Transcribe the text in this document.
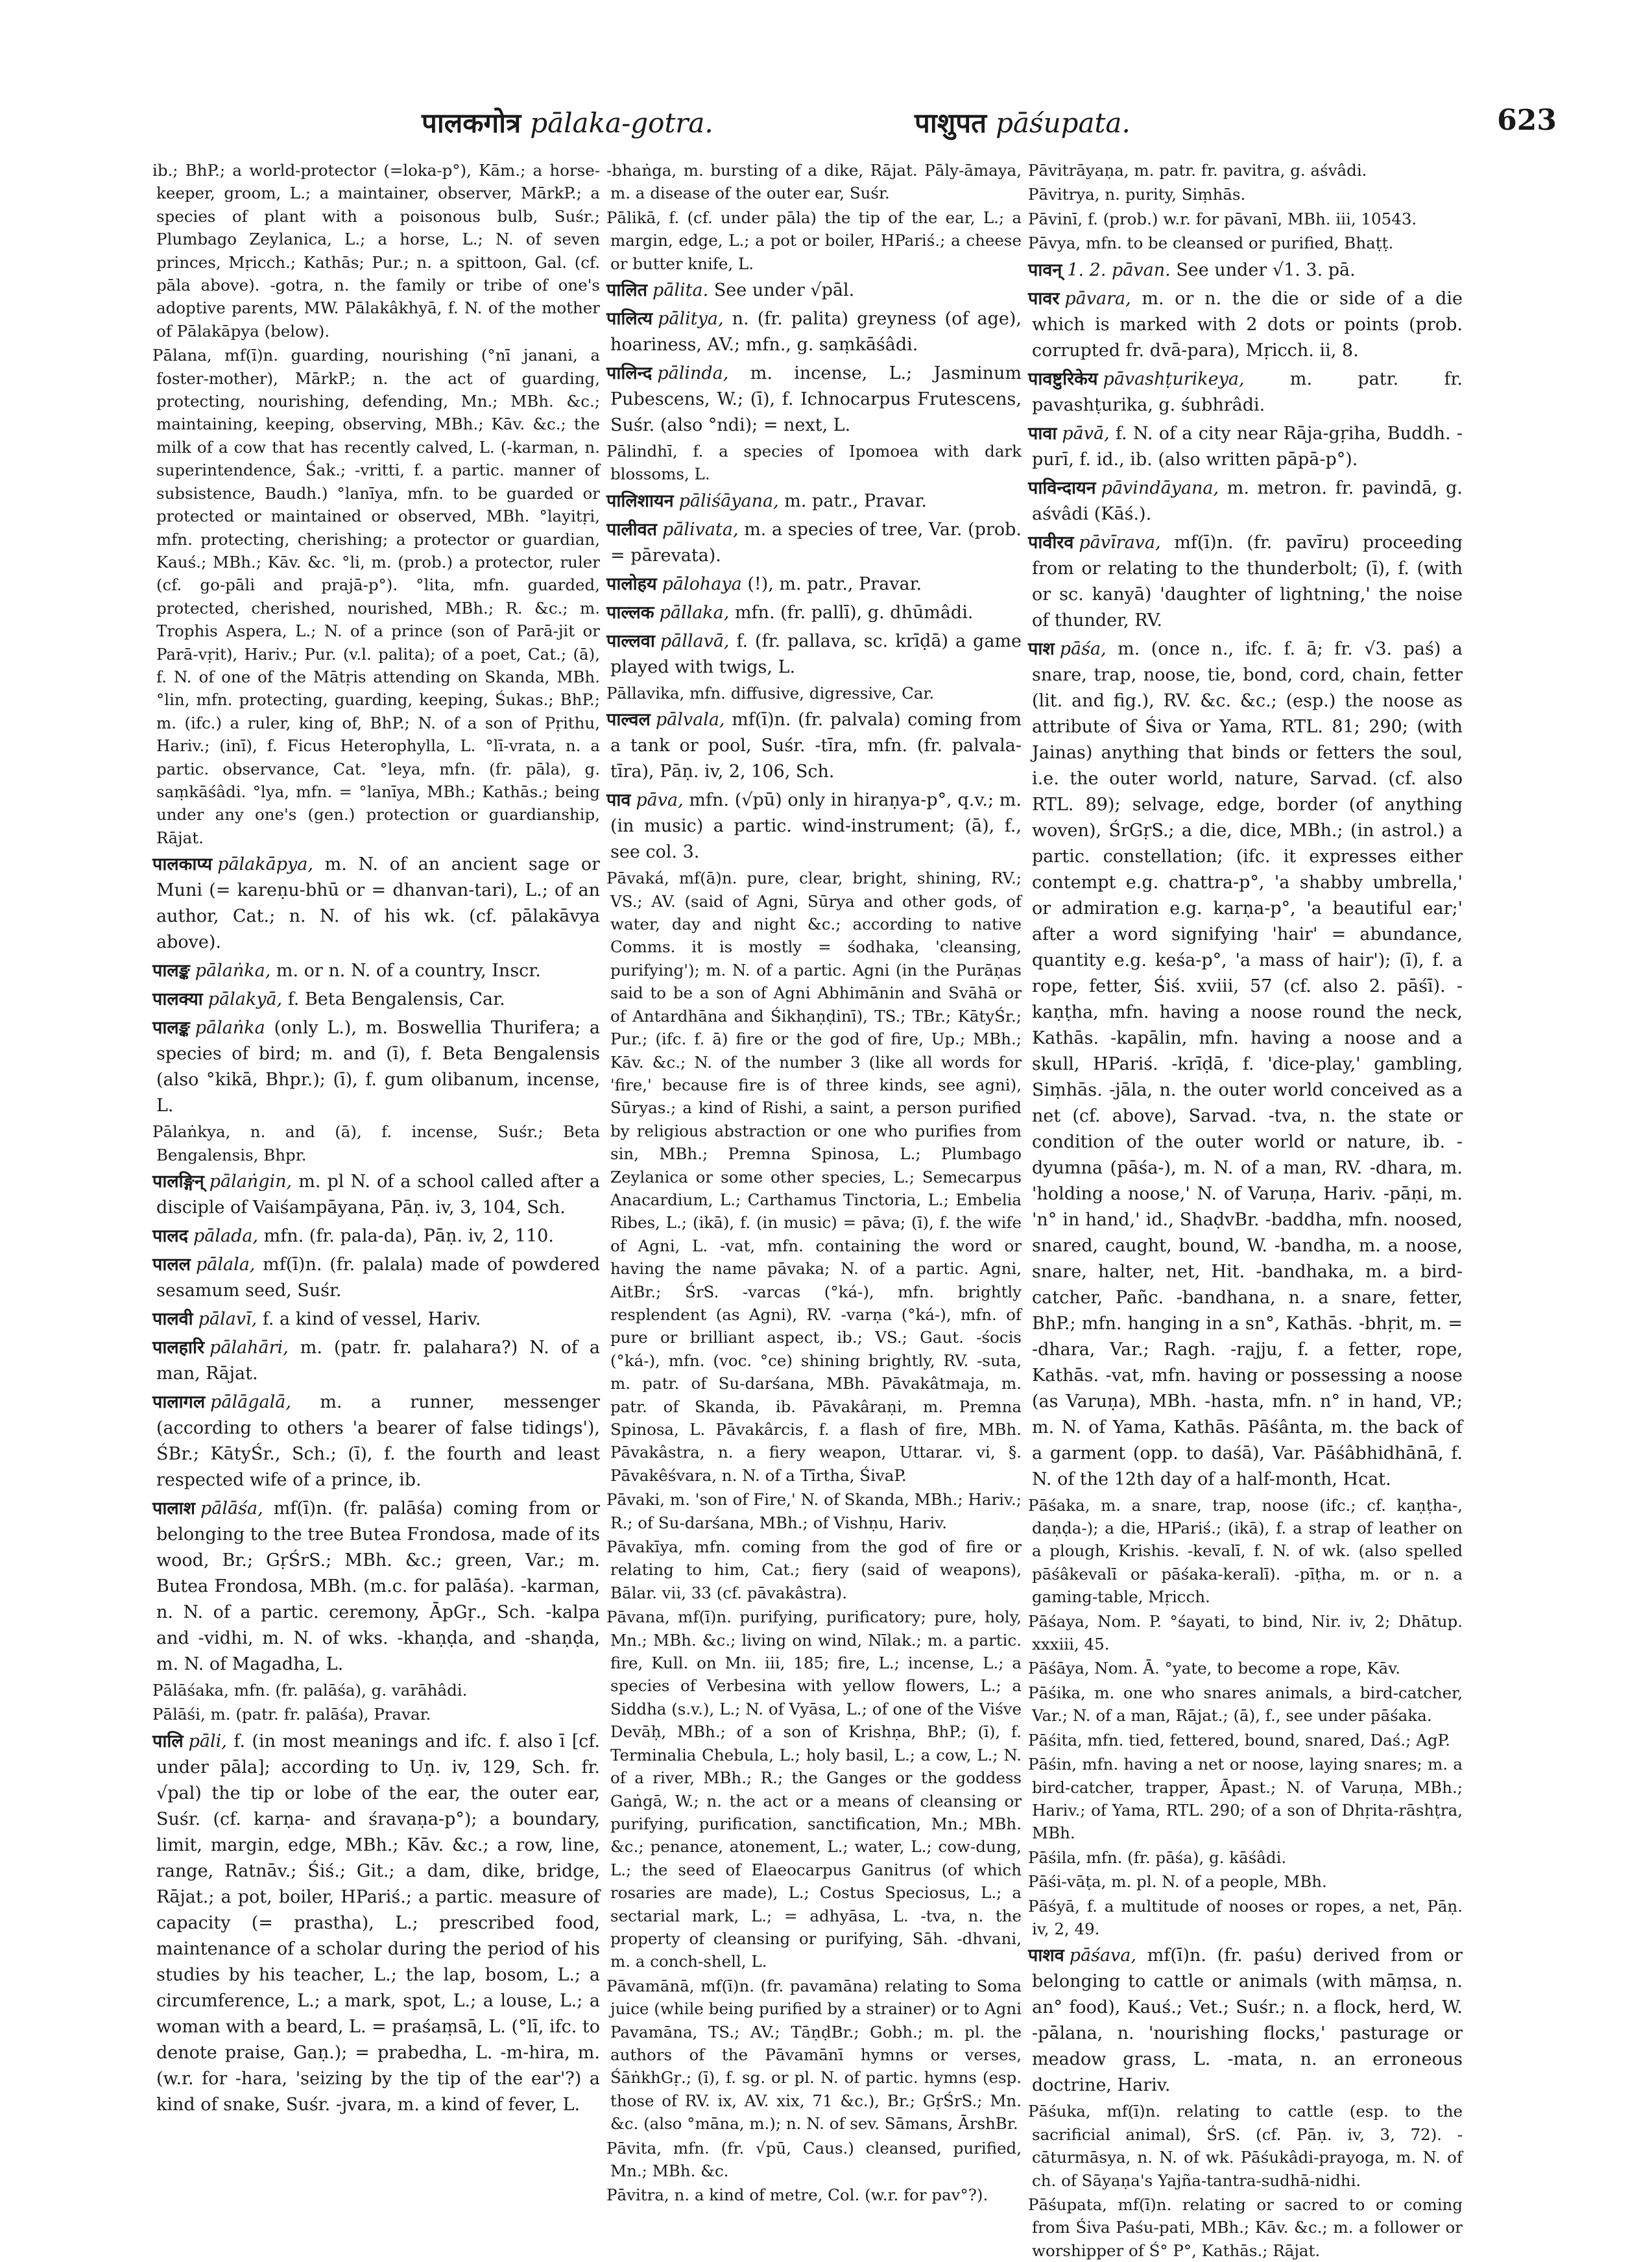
पालकगोत्र pālaka-gotra.	पाशुपत pāśupata.	623

ib.; BhP.; a world-protector (=loka-p°), Kām.; a horse-keeper, groom, L.; a maintainer, observer, MārkP.; a species of plant with a poisonous bulb, Suśr.; Plumbago Zeylanica, L.; a horse, L.; N. of seven princes, Mṛicch.; Kathās; Pur.; n. a spittoon, Gal. (cf. pāla above). -gotra, n. the family or tribe of one's adoptive parents, MW. Pālakâkhyā, f. N. of the mother of Pālakāpya (below).

Pālana, mf(ī)n. guarding, nourishing (°nī janani, a foster-mother), MārkP.; n. the act of guarding, protecting, nourishing, defending, Mn.; MBh. &c.; maintaining, keeping, observing, MBh.; Kāv. &c.; the milk of a cow that has recently calved, L. (-karman, n. superintendence, Śak.; -vritti, f. a partic. manner of subsistence, Baudh.) °lanīya, mfn. to be guarded or protected or maintained or observed, MBh. °layitṛi, mfn. protecting, cherishing; a protector or guardian, Kauś.; MBh.; Kāv. &c. °li, m. (prob.) a protector, ruler (cf. go-pāli and prajā-p°). °lita, mfn. guarded, protected, cherished, nourished, MBh.; R. &c.; m. Trophis Aspera, L.; N. of a prince (son of Parā-jit or Parā-vṛit), Hariv.; Pur. (v.l. palita); of a poet, Cat.; (ā), f. N. of one of the Mātṛis attending on Skanda, MBh. °lin, mfn. protecting, guarding, keeping, Śukas.; BhP.; m. (ifc.) a ruler, king of, BhP.; N. of a son of Pṛithu, Hariv.; (inī), f. Ficus Heterophylla, L. °lī-vrata, n. a partic. observance, Cat. °leya, mfn. (fr. pāla), g. saṃkāśâdi. °lya, mfn. = °lanīya, MBh.; Kathās.; being under any one's (gen.) protection or guardianship, Rājat.

पालकाप्य pālakāpya, m. N. of an ancient sage or Muni (= kareṇu-bhū or = dhanvan-tari), L.; of an author, Cat.; n. N. of his wk. (cf. pālakāvya above).

पालङ्क pālaṅka, m. or n. N. of a country, Inscr.

पालक्या pālakyā, f. Beta Bengalensis, Car.

पालङ्क pālaṅka (only L.), m. Boswellia Thurifera; a species of bird; m. and (ī), f. Beta Bengalensis (also °kikā, Bhpr.); (ī), f. gum olibanum, incense, L.

Pālaṅkya, n. and (ā), f. incense, Suśr.; Beta Bengalensis, Bhpr.

पालङ्गिन् pālaṅgin, m. pl N. of a school called after a disciple of Vaiśampāyana, Pāṇ. iv, 3, 104, Sch.

पालद pālada, mfn. (fr. pala-da), Pāṇ. iv, 2, 110.

पालल pālala, mf(ī)n. (fr. palala) made of powdered sesamum seed, Suśr.

पालवी pālavī, f. a kind of vessel, Hariv.

पालहारि pālahāri, m. (patr. fr. palahara?) N. of a man, Rājat.

पालागल pālāgalā, m. a runner, messenger (according to others 'a bearer of false tidings'), ŚBr.; KātyŚr., Sch.; (ī), f. the fourth and least respected wife of a prince, ib.

पालाश pālāśa, mf(ī)n. (fr. palāśa) coming from or belonging to the tree Butea Frondosa, made of its wood, Br.; GṛŚrS.; MBh. &c.; green, Var.; m. Butea Frondosa, MBh. (m.c. for palāśa). -karman, n. N. of a partic. ceremony, ĀpGṛ., Sch. -kalpa and -vidhi, m. N. of wks. -khaṇḍa, and -shaṇḍa, m. N. of Magadha, L.

Pālāśaka, mfn. (fr. palāśa), g. varāhâdi.

Pālāśi, m. (patr. fr. palāśa), Pravar.

पालि pāli, f. (in most meanings and ifc. f. also ī [cf. under pāla]; according to Uṇ. iv, 129, Sch. fr. √pal) the tip or lobe of the ear, the outer ear, Suśr. (cf. karṇa- and śravaṇa-p°); a boundary, limit, margin, edge, MBh.; Kāv. &c.; a row, line, range, Ratnāv.; Śiś.; Git.; a dam, dike, bridge, Rājat.; a pot, boiler, HPariś.; a partic. measure of capacity (= prastha), L.; prescribed food, maintenance of a scholar during the period of his studies by his teacher, L.; the lap, bosom, L.; a circumference, L.; a mark, spot, L.; a louse, L.; a woman with a beard, L. = praśaṃsā, L. (°lī, ifc. to denote praise, Gaṇ.); = prabedha, L. -m-hira, m. (w.r. for -hara, 'seizing by the tip of the ear'?) a kind of snake, Suśr. -jvara, m. a kind of fever, L.

-bhaṅga, m. bursting of a dike, Rājat. Pāly-āmaya, m. a disease of the outer ear, Suśr.

Pālikā, f. (cf. under pāla) the tip of the ear, L.; a margin, edge, L.; a pot or boiler, HPariś.; a cheese or butter knife, L.

पालित pālita. See under √pāl.

पालित्य pālitya, n. (fr. palita) greyness (of age), hoariness, AV.; mfn., g. saṃkāśâdi.

पालिन्द pālinda, m. incense, L.; Jasminum Pubescens, W.; (ī), f. Ichnocarpus Frutescens, Suśr. (also °ndi); = next, L.

Pālindhī, f. a species of Ipomoea with dark blossoms, L.

पालिशायन pāliśāyana, m. patr., Pravar.

पालीवत pālivata, m. a species of tree, Var. (prob. = pārevata).

पालोहय pālohaya (!), m. patr., Pravar.

पाल्लक pāllaka, mfn. (fr. pallī), g. dhūmâdi.

पाल्लवा pāllavā, f. (fr. pallava, sc. krīḍā) a game played with twigs, L.

Pāllavika, mfn. diffusive, digressive, Car.

पाल्वल pālvala, mf(ī)n. (fr. palvala) coming from a tank or pool, Suśr. -tīra, mfn. (fr. palvala-tīra), Pāṇ. iv, 2, 106, Sch.

पाव pāva, mfn. (√pū) only in hiraṇya-p°, q.v.; m. (in music) a partic. wind-instrument; (ā), f., see col. 3.

Pāvaká, mf(ā)n. pure, clear, bright, shining, RV.; VS.; AV. (said of Agni, Sūrya and other gods, of water, day and night &c.; according to native Comms. it is mostly = śodhaka, 'cleansing, purifying'); m. N. of a partic. Agni (in the Purāṇas said to be a son of Agni Abhimānin and Svāhā or of Antardhāna and Śikhaṇḍinī), TS.; TBr.; KātyŚr.; Pur.; (ifc. f. ā) fire or the god of fire, Up.; MBh.; Kāv. &c.; N. of the number 3 (like all words for 'fire,' because fire is of three kinds, see agni), Sūryas.; a kind of Rishi, a saint, a person purified by religious abstraction or one who purifies from sin, MBh.; Premna Spinosa, L.; Plumbago Zeylanica or some other species, L.; Semecarpus Anacardium, L.; Carthamus Tinctoria, L.; Embelia Ribes, L.; (ikā), f. (in music) = pāva; (ī), f. the wife of Agni, L. -vat, mfn. containing the word or having the name pāvaka; N. of a partic. Agni, AitBr.; ŚrS. -varcas (°ká-), mfn. brightly resplendent (as Agni), RV. -varṇa (°ká-), mfn. of pure or brilliant aspect, ib.; VS.; Gaut. -śocis (°ká-), mfn. (voc. °ce) shining brightly, RV. -suta, m. patr. of Su-darśana, MBh. Pāvakâtmaja, m. patr. of Skanda, ib. Pāvakâraṇi, m. Premna Spinosa, L. Pāvakârcis, f. a flash of fire, MBh. Pāvakâstra, n. a fiery weapon, Uttarar. vi, §. Pāvakêśvara, n. N. of a Tīrtha, ŚivaP.

Pāvaki, m. 'son of Fire,' N. of Skanda, MBh.; Hariv.; R.; of Su-darśana, MBh.; of Vishṇu, Hariv.

Pāvakīya, mfn. coming from the god of fire or relating to him, Cat.; fiery (said of weapons), Bālar. vii, 33 (cf. pāvakâstra).

Pāvana, mf(ī)n. purifying, purificatory; pure, holy, Mn.; MBh. &c.; living on wind, Nīlak.; m. a partic. fire, Kull. on Mn. iii, 185; fire, L.; incense, L.; a species of Verbesina with yellow flowers, L.; a Siddha (s.v.), L.; N. of Vyāsa, L.; of one of the Viśve Devāḥ, MBh.; of a son of Krishṇa, BhP.; (ī), f. Terminalia Chebula, L.; holy basil, L.; a cow, L.; N. of a river, MBh.; R.; the Ganges or the goddess Gaṅgā, W.; n. the act or a means of cleansing or purifying, purification, sanctification, Mn.; MBh. &c.; penance, atonement, L.; water, L.; cow-dung, L.; the seed of Elaeocarpus Ganitrus (of which rosaries are made), L.; Costus Speciosus, L.; a sectarial mark, L.; = adhyāsa, L. -tva, n. the property of cleansing or purifying, Sāh. -dhvani, m. a conch-shell, L.

Pāvamānā, mf(ī)n. (fr. pavamāna) relating to Soma juice (while being purified by a strainer) or to Agni Pavamāna, TS.; AV.; TāṇḍBr.; Gobh.; m. pl. the authors of the Pāvamānī hymns or verses, ŚāṅkhGṛ.; (ī), f. sg. or pl. N. of partic. hymns (esp. those of RV. ix, AV. xix, 71 &c.), Br.; GṛŚrS.; Mn. &c. (also °māna, m.); n. N. of sev. Sāmans, ĀrshBr.

Pāvita, mfn. (fr. √pū, Caus.) cleansed, purified, Mn.; MBh. &c.

Pāvitra, n. a kind of metre, Col. (w.r. for pav°?).

Pāvitrāyaṇa, m. patr. fr. pavitra, g. aśvâdi.

Pāvitrya, n. purity, Siṃhās.

Pāvinī, f. (prob.) w.r. for pāvanī, MBh. iii, 10543.

Pāvya, mfn. to be cleansed or purified, Bhaṭṭ.

पावन् 1. 2. pāvan. See under √1. 3. pā.

पावर pāvara, m. or n. the die or side of a die which is marked with 2 dots or points (prob. corrupted fr. dvā-para), Mṛicch. ii, 8.

पावष्टुरिकेय pāvashṭurikeya,	m. patr. fr. pavashṭurika, g. śubhrâdi.

पावा pāvā, f. N. of a city near Rāja-gṛiha, Buddh. -purī, f. id., ib. (also written pāpā-p°).

पाविन्दायन pāvindāyana, m. metron. fr. pavindā, g. aśvâdi (Kāś.).

पावीरव pāvīrava, mf(ī)n. (fr. pavīru) proceeding from or relating to the thunderbolt; (ī), f. (with or sc. kanyā) 'daughter of lightning,' the noise of thunder, RV.

पाश pāśa, m. (once n., ifc. f. ā; fr. √3. paś) a snare, trap, noose, tie, bond, cord, chain, fetter (lit. and fig.), RV. &c. &c.; (esp.) the noose as attribute of Śiva or Yama, RTL. 81; 290; (with Jainas) anything that binds or fetters the soul, i.e. the outer world, nature, Sarvad. (cf. also RTL. 89); selvage, edge, border (of anything woven), ŚrGṛS.; a die, dice, MBh.; (in astrol.) a partic. constellation; (ifc. it expresses either contempt e.g. chattra-p°, 'a shabby umbrella,' or admiration e.g. karṇa-p°, 'a beautiful ear;' after a word signifying 'hair' = abundance, quantity e.g. keśa-p°, 'a mass of hair'); (ī), f. a rope, fetter, Śiś. xviii, 57 (cf. also 2. pāśī). -kaṇṭha, mfn. having a noose round the neck, Kathās. -kapālin, mfn. having a noose and a skull, HPariś. -krīḍā, f. 'dice-play,' gambling, Siṃhās. -jāla, n. the outer world conceived as a net (cf. above), Sarvad. -tva, n. the state or condition of the outer world or nature, ib. -dyumna (pāśa-), m. N. of a man, RV. -dhara, m. 'holding a noose,' N. of Varuṇa, Hariv. -pāṇi, m. 'n° in hand,' id., ShaḍvBr. -baddha, mfn. noosed, snared, caught, bound, W. -bandha, m. a noose, snare, halter, net, Hit. -bandhaka, m. a bird-catcher, Pañc. -bandhana, n. a snare, fetter, BhP.; mfn. hanging in a sn°, Kathās. -bhṛit, m. = -dhara, Var.; Ragh. -rajju, f. a fetter, rope, Kathās. -vat, mfn. having or possessing a noose (as Varuṇa), MBh. -hasta, mfn. n° in hand, VP.; m. N. of Yama, Kathās. Pāśânta, m. the back of a garment (opp. to daśā), Var. Pāśâbhidhānā, f. N. of the 12th day of a half-month, Hcat.

Pāśaka, m. a snare, trap, noose (ifc.; cf. kaṇṭha-, daṇḍa-); a die, HPariś.; (ikā), f. a strap of leather on a plough, Krishis. -kevalī, f. N. of wk. (also spelled pāśâkevalī or pāśaka-keralī). -pīṭha, m. or n. a gaming-table, Mṛicch.

Pāśaya, Nom. P. °śayati, to bind, Nir. iv, 2; Dhātup. xxxiii, 45.

Pāśāya, Nom. Ā. °yate, to become a rope, Kāv.

Pāśika, m. one who snares animals, a bird-catcher, Var.; N. of a man, Rājat.; (ā), f., see under pāśaka.

Pāśita, mfn. tied, fettered, bound, snared, Daś.; AgP.

Pāśin, mfn. having a net or noose, laying snares; m. a bird-catcher, trapper, Āpast.; N. of Varuṇa, MBh.; Hariv.; of Yama, RTL. 290; of a son of Dhṛita-rāshṭra, MBh.

Pāśila, mfn. (fr. pāśa), g. kāśâdi.

Pāśi-vāṭa, m. pl. N. of a people, MBh.

Pāśyā, f. a multitude of nooses or ropes, a net, Pāṇ. iv, 2, 49.

पाशव pāśava, mf(ī)n. (fr. paśu) derived from or belonging to cattle or animals (with māṃsa, n. an° food), Kauś.; Vet.; Suśr.; n. a flock, herd, W. -pālana, n. 'nourishing flocks,' pasturage or meadow grass, L. -mata, n. an erroneous doctrine, Hariv.

Pāśuka, mf(ī)n. relating to cattle (esp. to the sacrificial animal), ŚrS. (cf. Pāṇ. iv, 3, 72). -cāturmāsya, n. N. of wk. Pāśukâdi-prayoga, m. N. of ch. of Sāyaṇa's Yajña-tantra-sudhā-nidhi.

Pāśupata, mf(ī)n. relating or sacred to or coming from Śiva Paśu-pati, MBh.; Kāv. &c.; m. a follower or worshipper of Ś° P°, Kathās.; Rājat.
